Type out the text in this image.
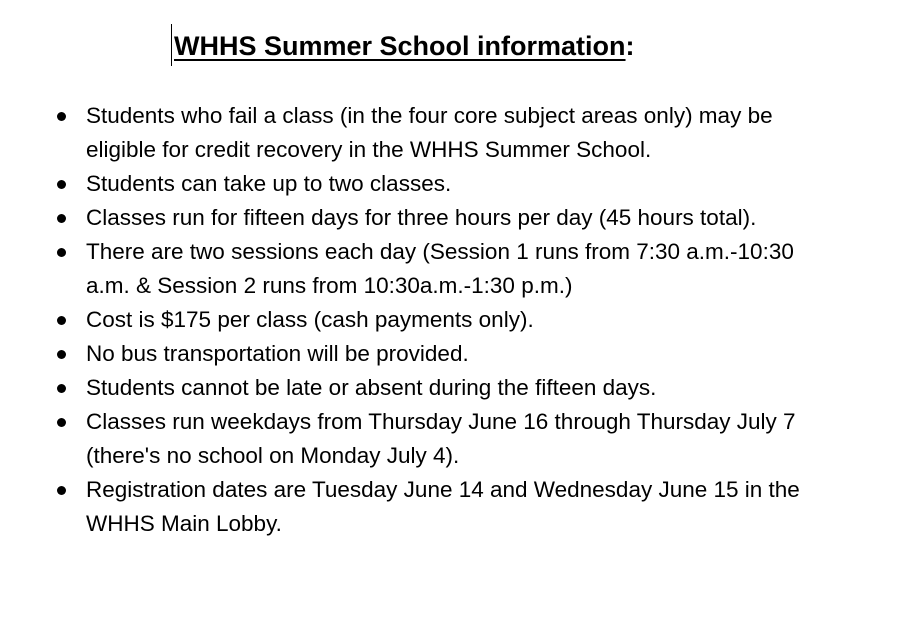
WHHS Summer School information:
Students who fail a class (in the four core subject areas only) may be eligible for credit recovery in the WHHS Summer School.
Students can take up to two classes.
Classes run for fifteen days for three hours per day (45 hours total).
There are two sessions each day (Session 1 runs from 7:30 a.m.-10:30 a.m. & Session 2 runs from 10:30a.m.-1:30 p.m.)
Cost is $175 per class (cash payments only).
No bus transportation will be provided.
Students cannot be late or absent during the fifteen days.
Classes run weekdays from Thursday June 16 through Thursday July 7 (there's no school on Monday July 4).
Registration dates are Tuesday June 14 and Wednesday June 15 in the WHHS Main Lobby.
